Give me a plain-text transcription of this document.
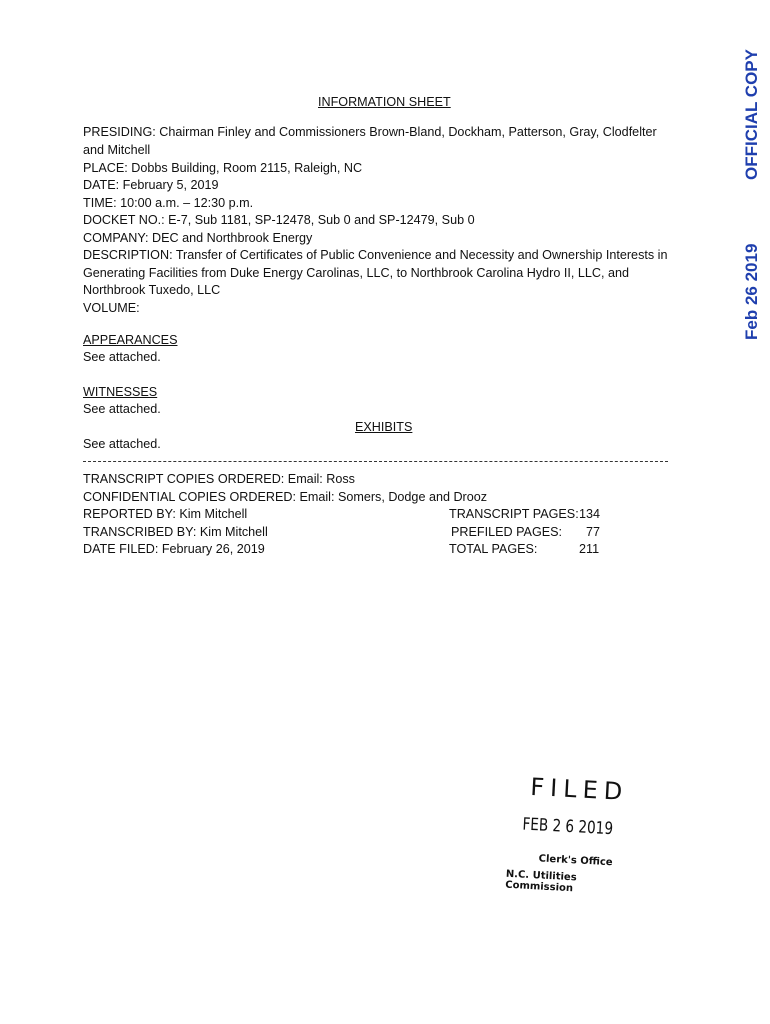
INFORMATION SHEET
PRESIDING: Chairman Finley and Commissioners Brown-Bland, Dockham, Patterson, Gray, Clodfelter
and Mitchell
PLACE: Dobbs Building, Room 2115, Raleigh, NC
DATE: February 5, 2019
TIME: 10:00 a.m. – 12:30 p.m.
DOCKET NO.: E-7, Sub 1181, SP-12478, Sub 0 and SP-12479, Sub 0
COMPANY: DEC and Northbrook Energy
DESCRIPTION: Transfer of Certificates of Public Convenience and Necessity and Ownership Interests in
Generating Facilities from Duke Energy Carolinas, LLC, to Northbrook Carolina Hydro II, LLC, and
Northbrook Tuxedo, LLC
VOLUME:
APPEARANCES
See attached.
WITNESSES
See attached.
EXHIBITS
See attached.
TRANSCRIPT COPIES ORDERED: Email: Ross
CONFIDENTIAL COPIES ORDERED: Email: Somers, Dodge and Drooz
REPORTED BY: Kim Mitchell
TRANSCRIBED BY: Kim Mitchell
DATE FILED: February 26, 2019
TRANSCRIPT PAGES: 134
PREFILED PAGES: 77
TOTAL PAGES:	211
OFFICIAL COPY
Feb 26 2019
FILED
FEB 2 6 2019
Clerk's Office
N.C. Utilities Commission
